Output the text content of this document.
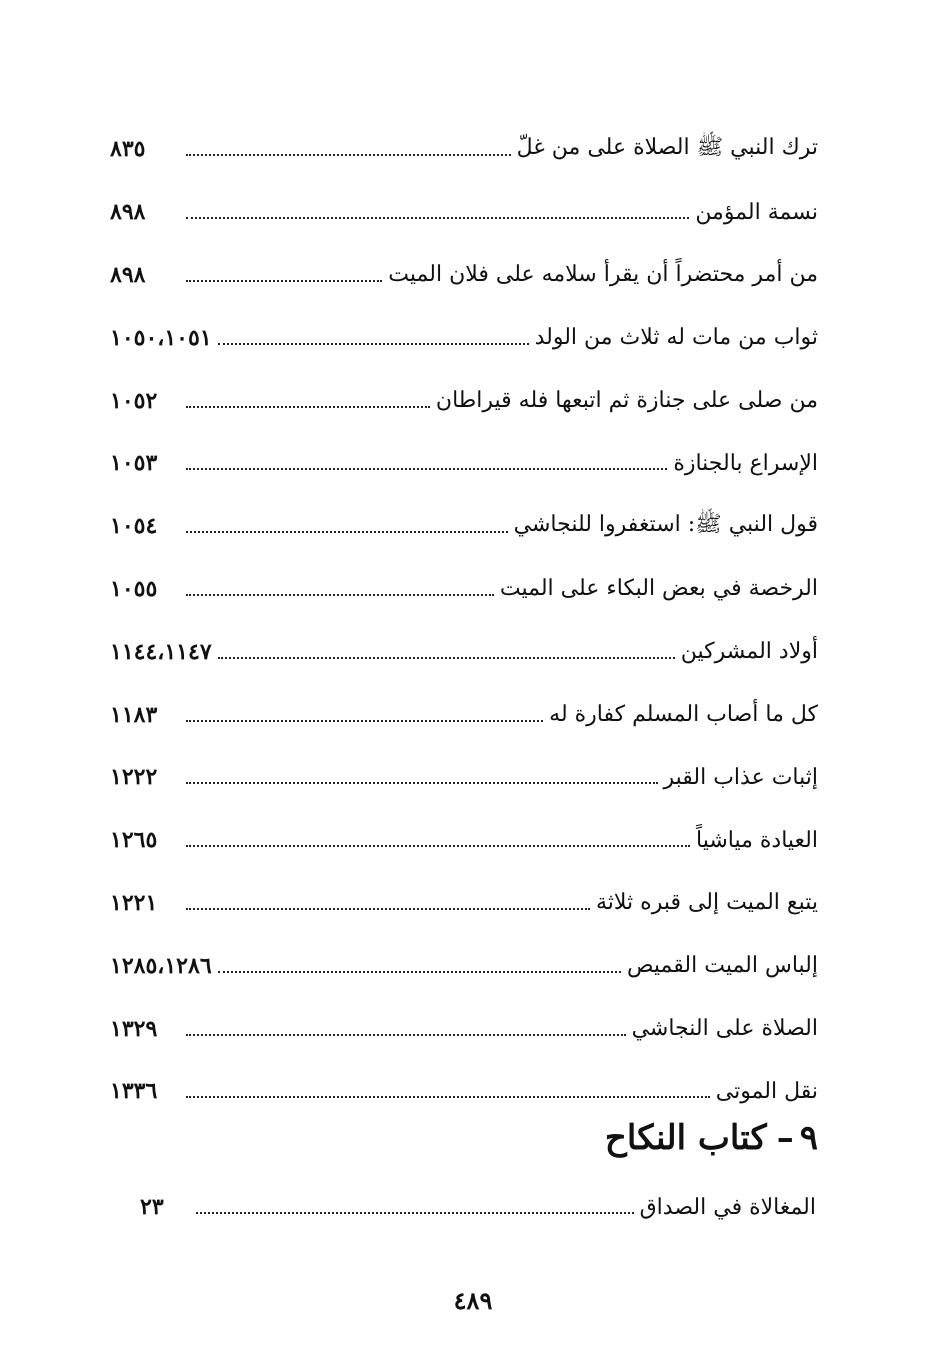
ترك النبي ﷺ الصلاة على من غلّ
٨٣٥
نسمة المؤمن
٨٩٨
من أمر محتضراً أن يقرأ سلامه على فلان الميت
٨٩٨
ثواب من مات له ثلاث من الولد
١٠٥٠،١٠٥١
من صلى على جنازة ثم اتبعها فله قيراطان
١٠٥٢
الإسراع بالجنازة
١٠٥٣
قول النبي ﷺ: استغفروا للنجاشي
١٠٥٤
الرخصة في بعض البكاء على الميت
١٠٥٥
أولاد المشركين
١١٤٤،١١٤٧
كل ما أصاب المسلم كفارة له
١١٨٣
إثبات عذاب القبر
١٢٢٢
العيادة مياشياً
١٢٦٥
يتبع الميت إلى قبره ثلاثة
١٢٢١
إلباس الميت القميص
١٢٨٥،١٢٨٦
الصلاة على النجاشي
١٣٢٩
نقل الموتى
١٣٣٦
٩–كتاب النكاح
المغالاة في الصداق
٢٣
٤٨٩
